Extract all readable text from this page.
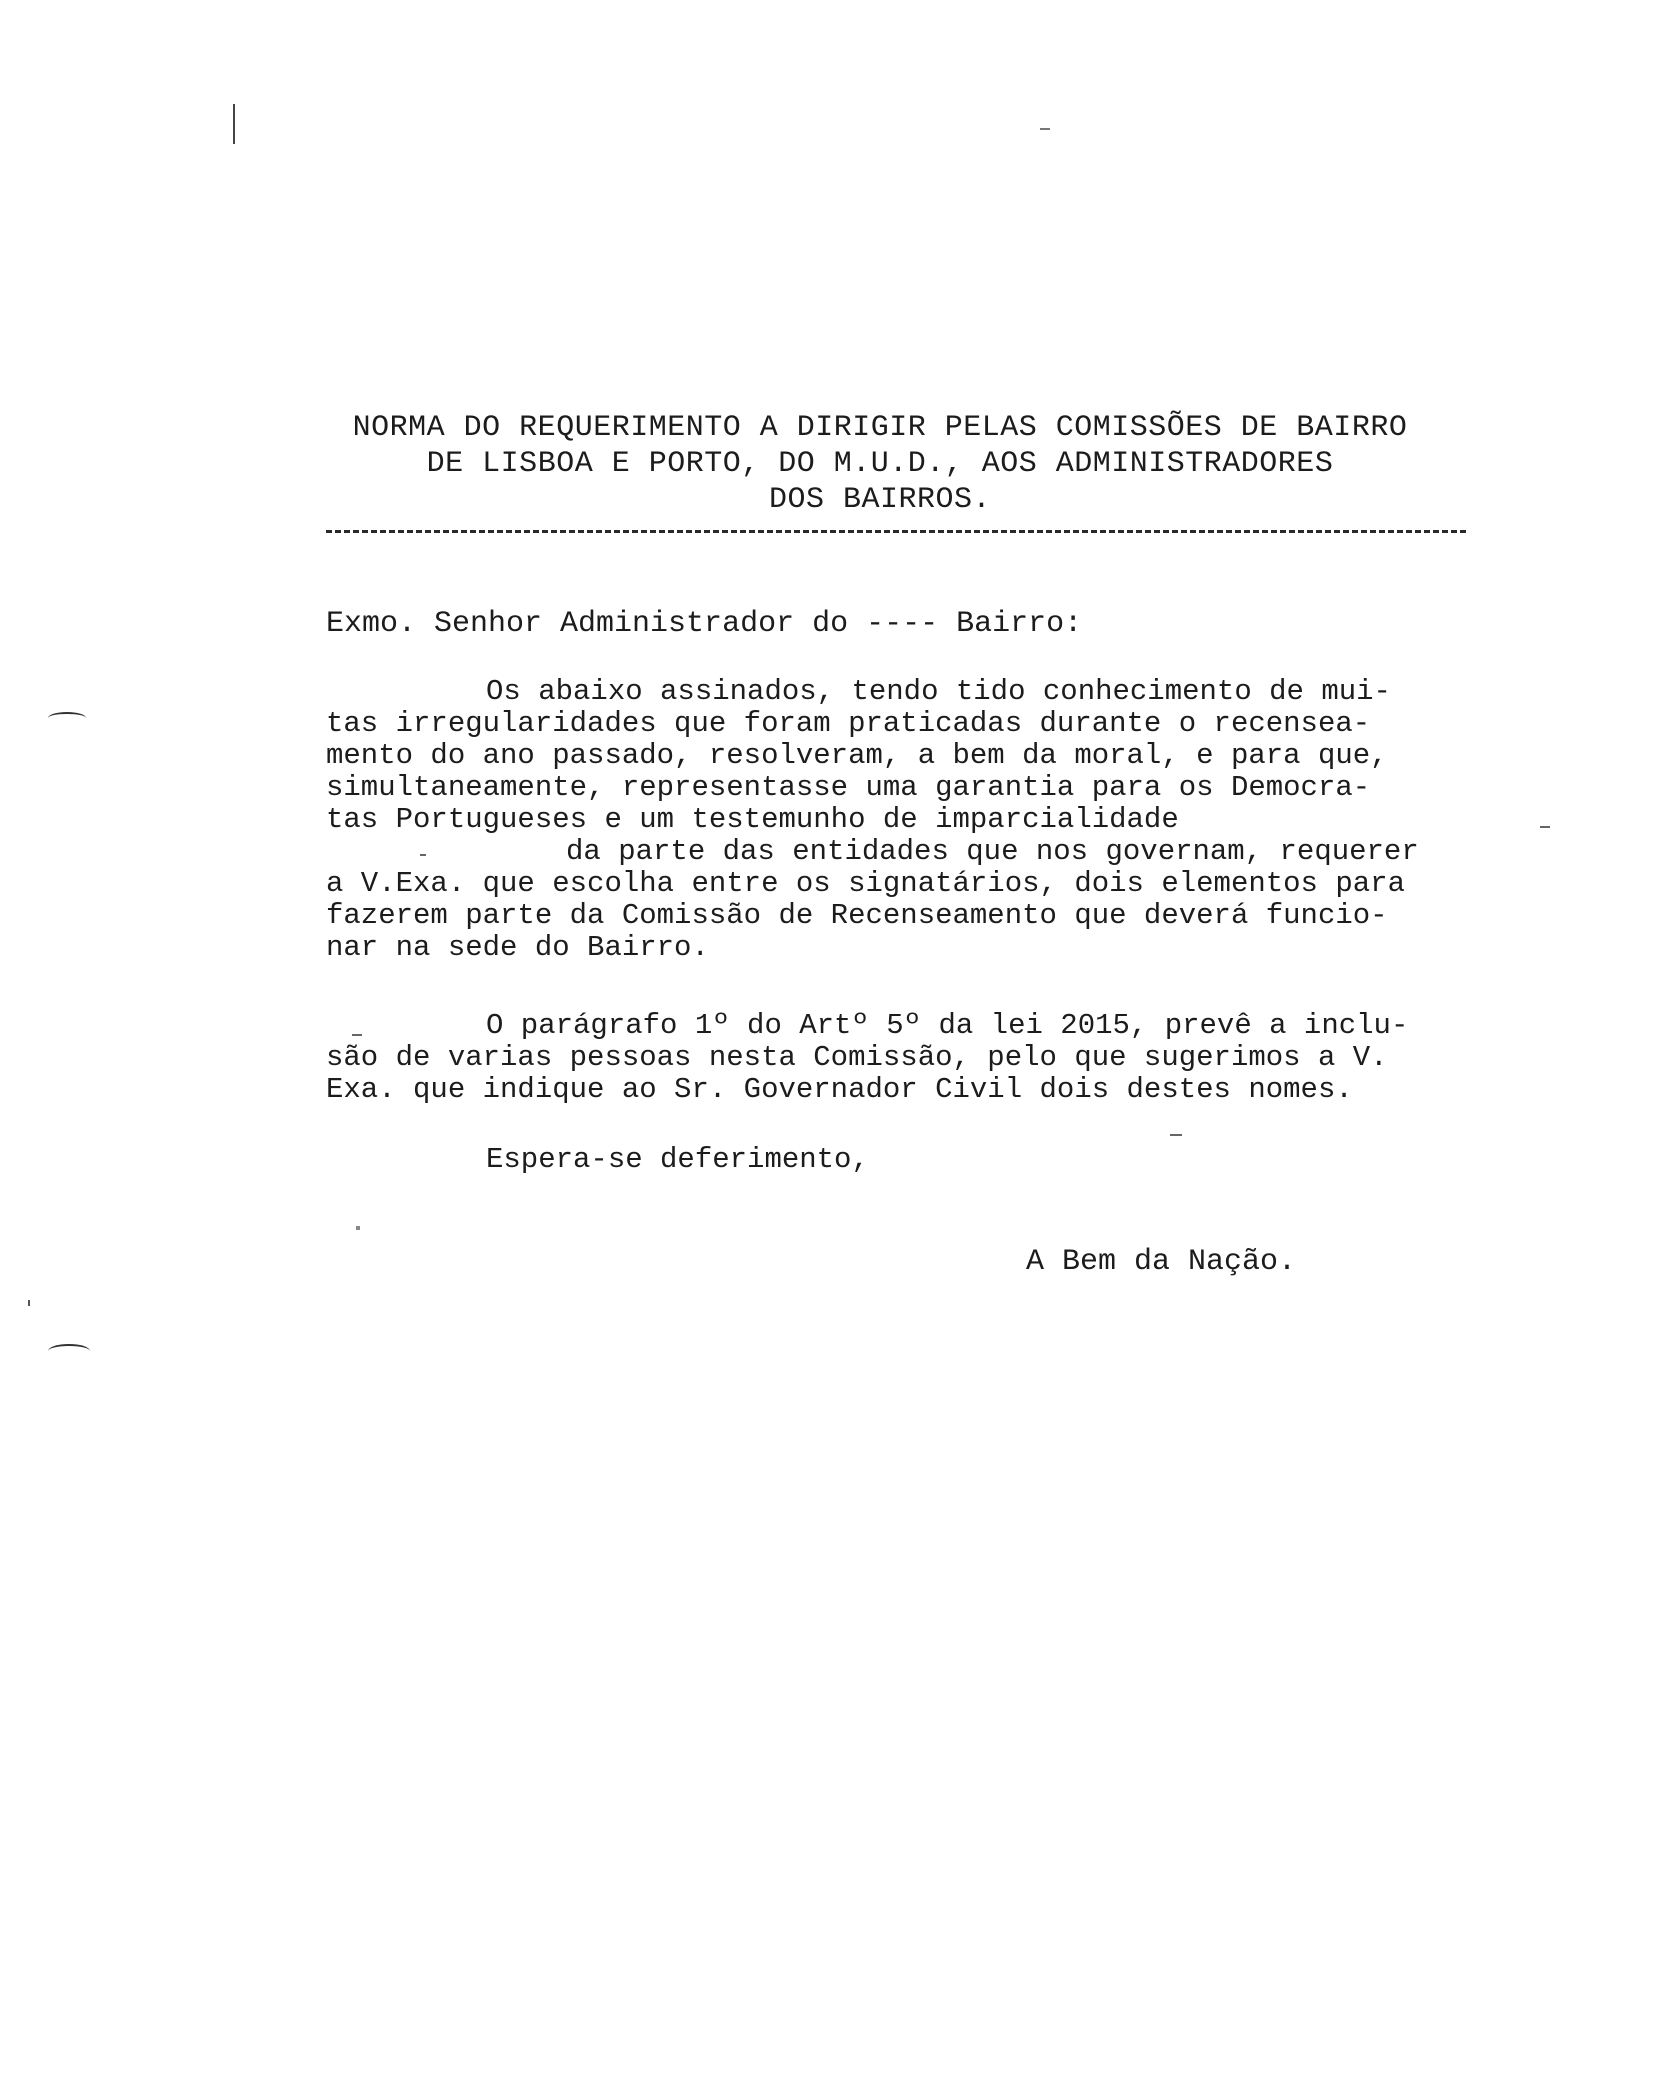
NORMA DO REQUERIMENTO A DIRIGIR PELAS COMISSÕES DE BAIRRO
DE LISBOA E PORTO, DO M.U.D., AOS ADMINISTRADORES
DOS BAIRROS.
Exmo. Senhor Administrador do ---- Bairro:
Os abaixo assinados, tendo tido conhecimento de mui-
tas irregularidades que foram praticadas durante o recensea-
mento do ano passado, resolveram, a bem da moral, e para que,
simultaneamente, representasse uma garantia para os Democra-
tas Portugueses e um testemunho de imparcialidade
da parte das entidades que nos governam, requerer
a V.Exa. que escolha entre os signatários, dois elementos para
fazerem parte da Comissão de Recenseamento que deverá funcio-
nar na sede do Bairro.
O parágrafo 1º do Artº 5º da lei 2015, prevê a inclu-
são de varias pessoas nesta Comissão, pelo que sugerimos a V.
Exa. que indique ao Sr. Governador Civil dois destes nomes.
Espera-se deferimento,
A Bem da Nação.
